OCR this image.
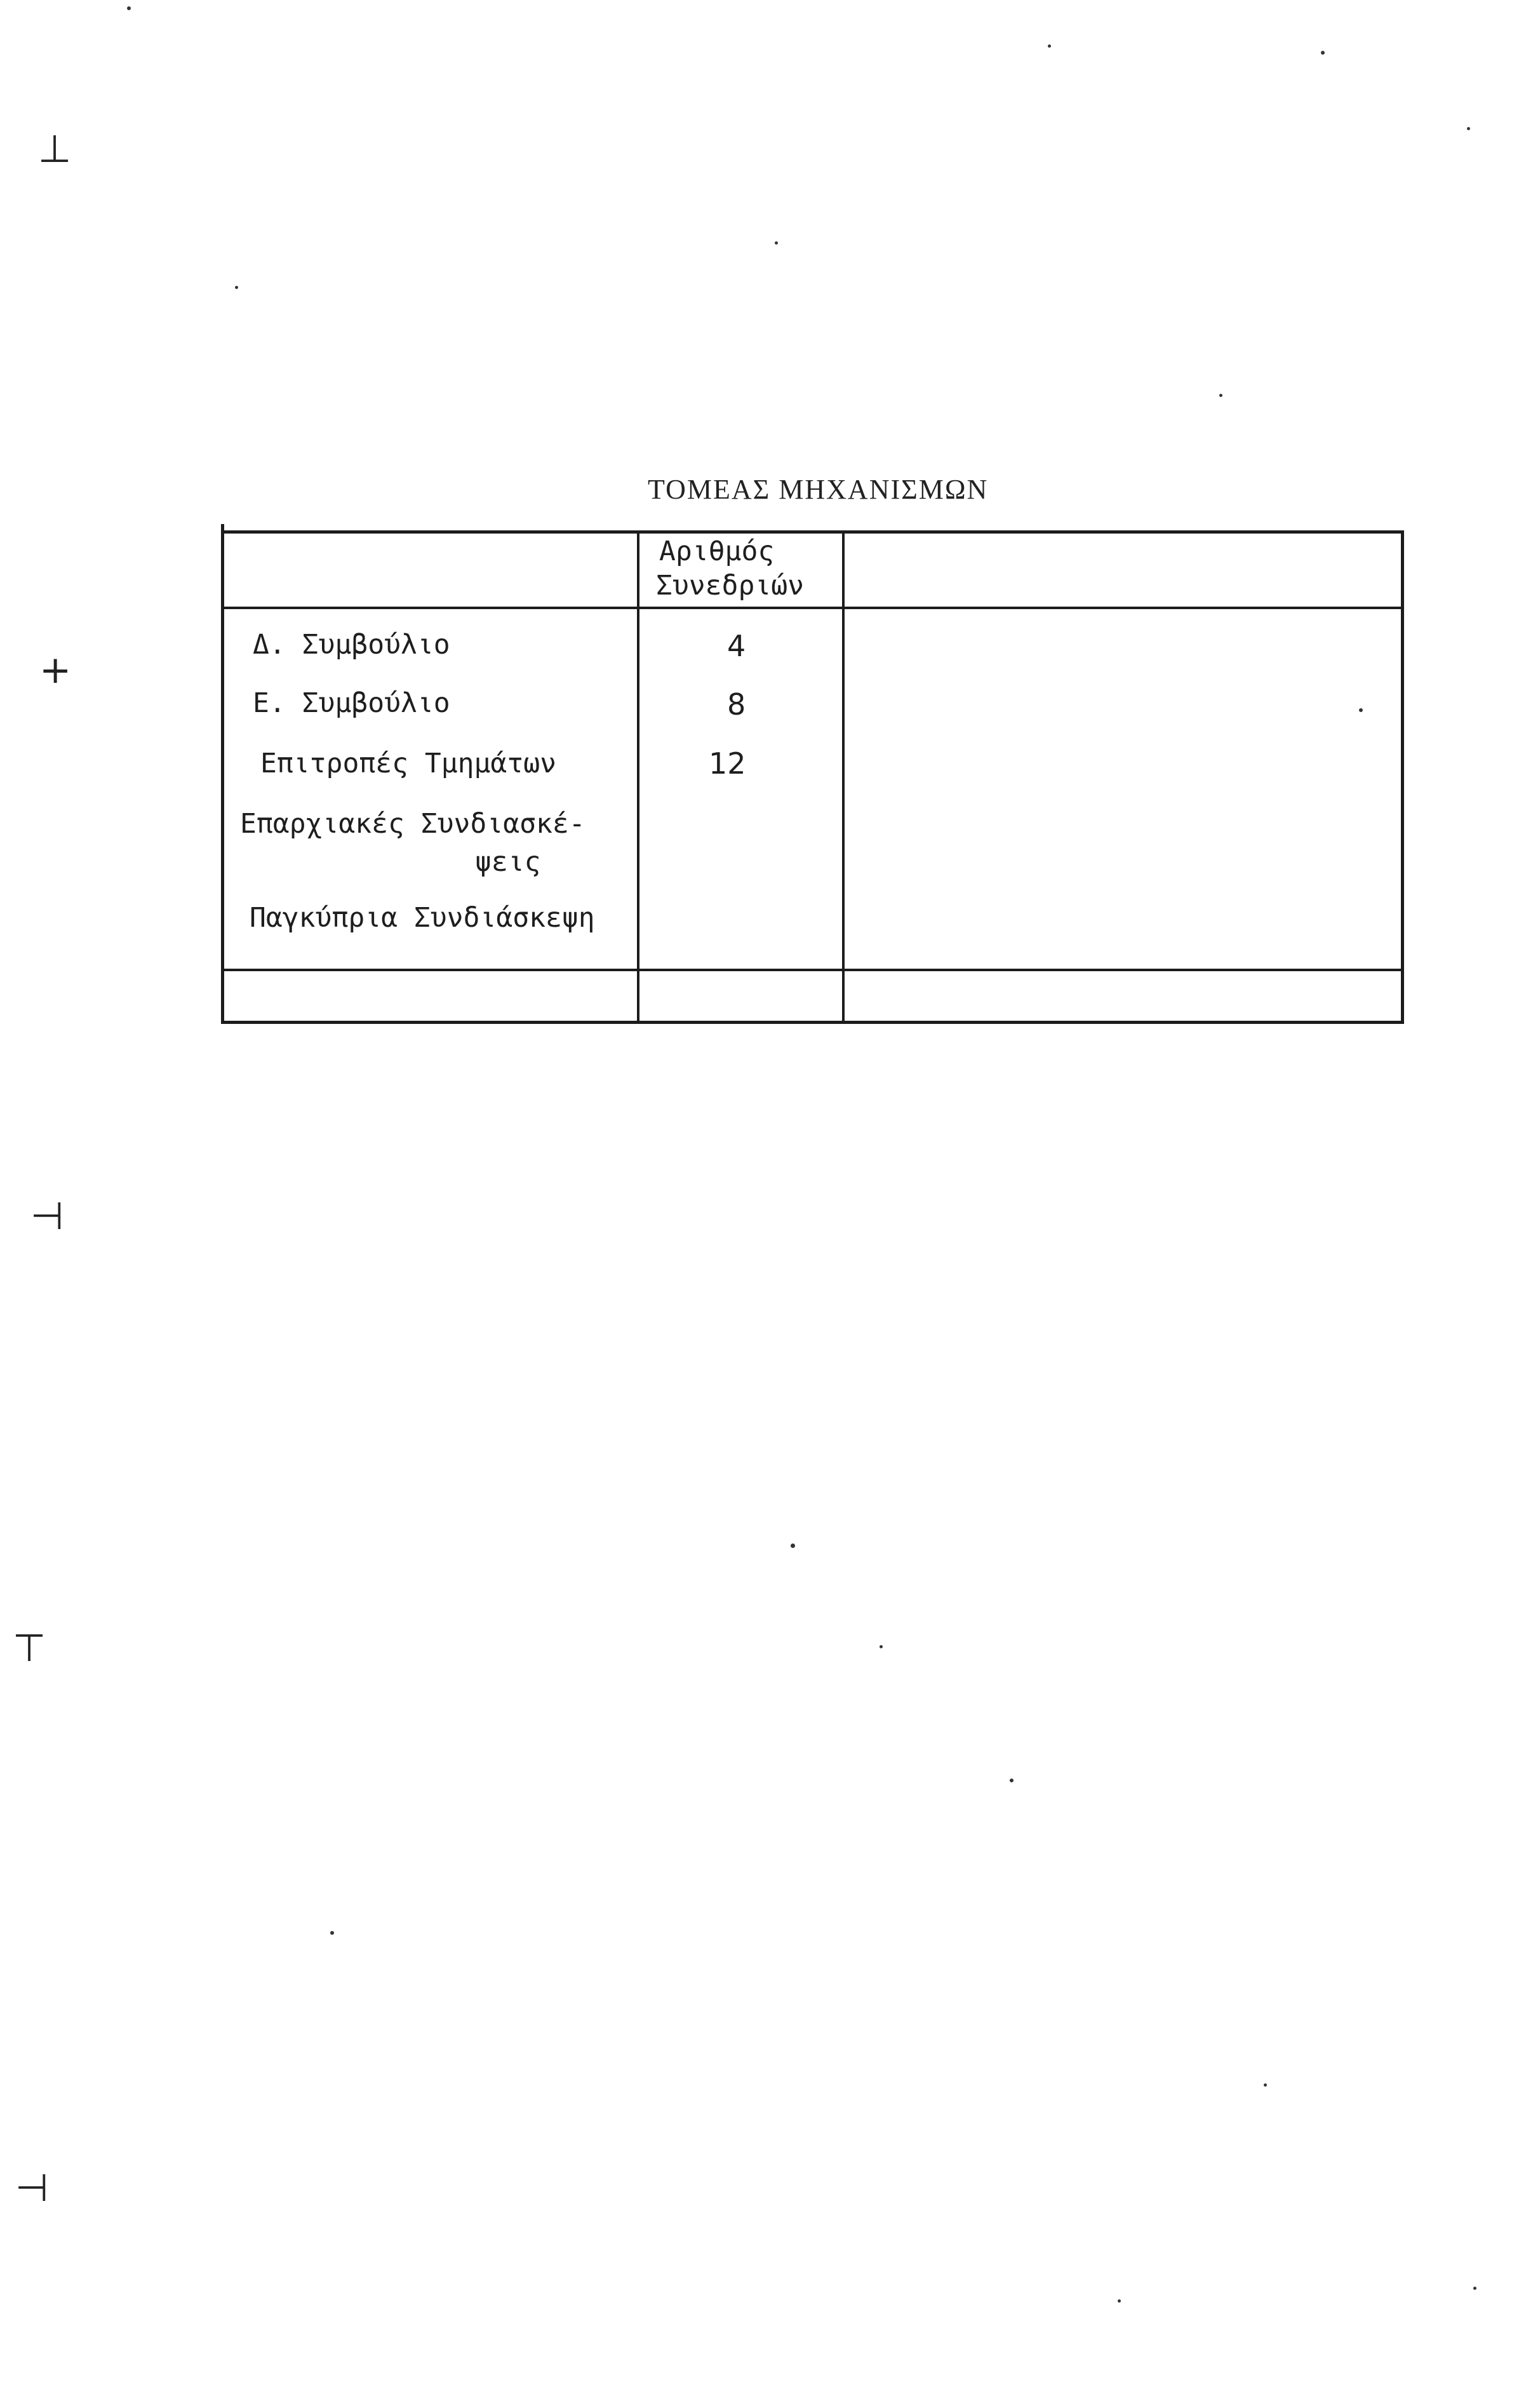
⊥
+
⊣
⊤
⊣
ΤΟΜΕΑΣ ΜΗΧΑΝΙΣΜΩΝ
Αριθμός
Συνεδριών
Δ. Συμβούλιο	4
Ε. Συμβούλιο	8
Επιτροπές Τμημάτων	12
Επαρχιακές Συνδιασκέ-
ψεις
Παγκύπρια Συνδιάσκεψη
